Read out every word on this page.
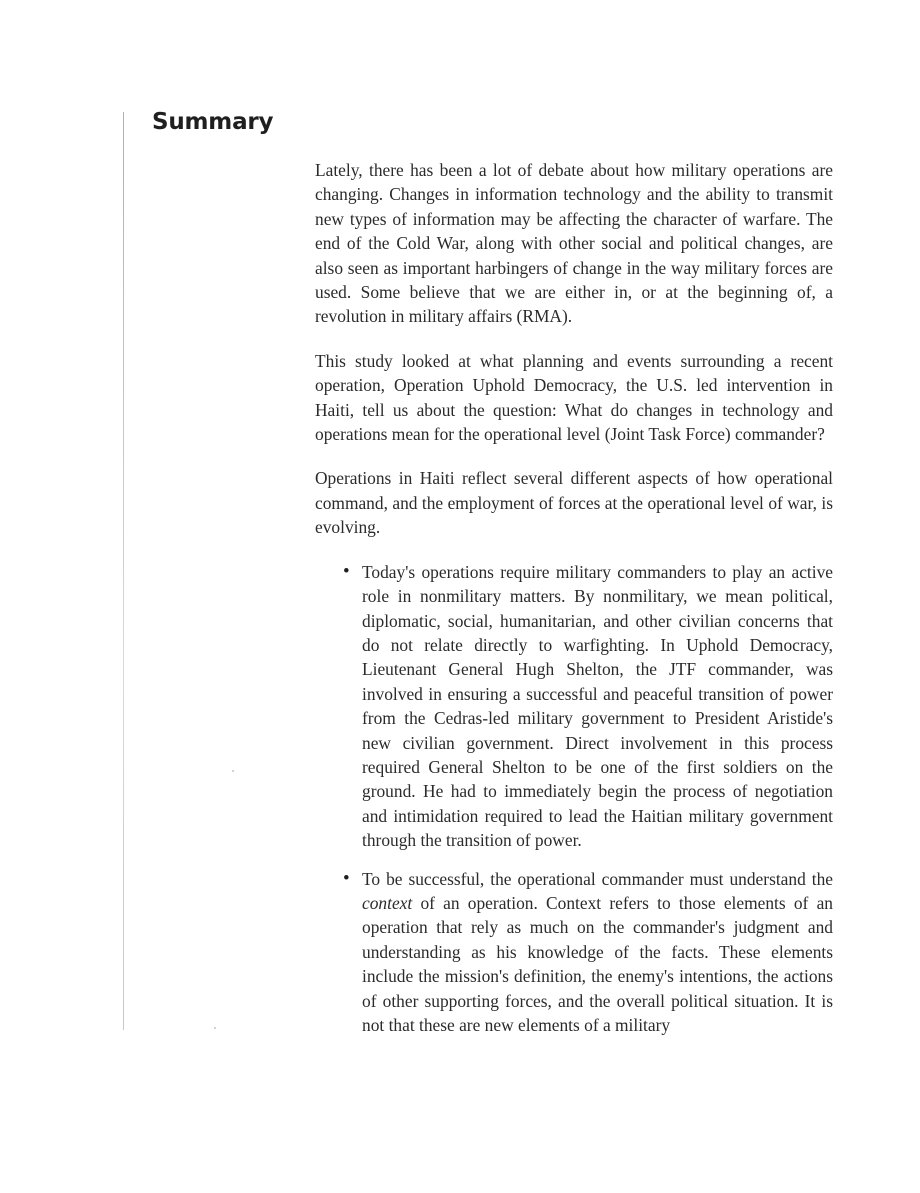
Summary

Lately, there has been a lot of debate about how military operations are changing. Changes in information technology and the ability to transmit new types of information may be affecting the character of warfare. The end of the Cold War, along with other social and political changes, are also seen as important harbingers of change in the way military forces are used. Some believe that we are either in, or at the beginning of, a revolution in military affairs (RMA).

This study looked at what planning and events surrounding a recent operation, Operation Uphold Democracy, the U.S. led intervention in Haiti, tell us about the question: What do changes in technology and operations mean for the operational level (Joint Task Force) commander?

Operations in Haiti reflect several different aspects of how operational command, and the employment of forces at the operational level of war, is evolving.

• Today's operations require military commanders to play an active role in nonmilitary matters. By nonmilitary, we mean political, diplomatic, social, humanitarian, and other civilian concerns that do not relate directly to warfighting. In Uphold Democracy, Lieutenant General Hugh Shelton, the JTF commander, was involved in ensuring a successful and peaceful transition of power from the Cedras-led military government to President Aristide's new civilian government. Direct involvement in this process required General Shelton to be one of the first soldiers on the ground. He had to immediately begin the process of negotiation and intimidation required to lead the Haitian military government through the transition of power.
• To be successful, the operational commander must understand the context of an operation. Context refers to those elements of an operation that rely as much on the commander's judgment and understanding as his knowledge of the facts. These elements include the mission's definition, the enemy's intentions, the actions of other supporting forces, and the overall political situation. It is not that these are new elements of a military
